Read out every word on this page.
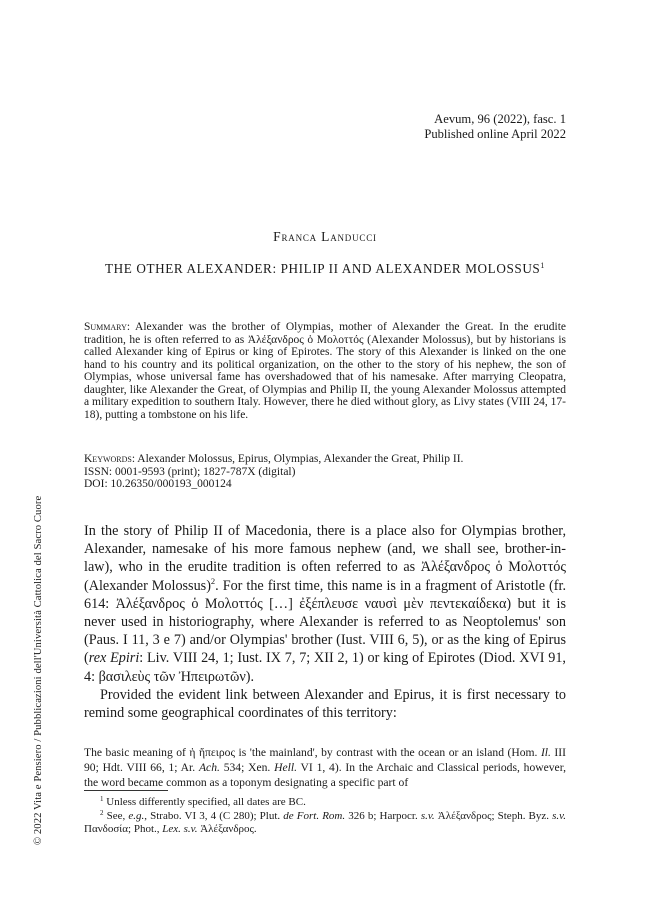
© 2022 Vita e Pensiero / Pubblicazioni dell'Università Cattolica del Sacro Cuore
Aevum, 96 (2022), fasc. 1
Published online April 2022
Franca Landucci
THE OTHER ALEXANDER: PHILIP II AND ALEXANDER MOLOSSUS$^1$

Summary: Alexander was the brother of Olympias, mother of Alexander the Great. In the erudite tradition, he is often referred to as Ἀλέξανδρος ὁ Μολοττός (Alexander Molossus), but by historians is called Alexander king of Epirus or king of Epirotes. The story of this Alexander is linked on the one hand to his country and its political organization, on the other to the story of his nephew, the son of Olympias, whose universal fame has overshadowed that of his namesake. After marrying Cleopatra, daughter, like Alexander the Great, of Olympias and Philip II, the young Alexander Molossus attempted a military expedition to southern Italy. However, there he died without glory, as Livy states (VIII 24, 17-18), putting a tombstone on his life.

Keywords: Alexander Molossus, Epirus, Olympias, Alexander the Great, Philip II.
ISSN: 0001-9593 (print); 1827-787X (digital)
DOI: 10.26350/000193_000124

In the story of Philip II of Macedonia, there is a place also for Olympias brother, Alexander, namesake of his more famous nephew (and, we shall see, brother-in-law), who in the erudite tradition is often referred to as Ἀλέξανδρος ὁ Μολοττός (Alexander Molossus)$^2$. For the first time, this name is in a fragment of Aristotle (fr. 614: Ἀλέξανδρος ὁ Μολοττός […] ἐξέπλευσε ναυσὶ μὲν πεντεκαίδεκα) but it is never used in historiography, where Alexander is referred to as Neoptolemus' son (Paus. I 11, 3 e 7) and/or Olympias' brother (Iust. VIII 6, 5), or as the king of Epirus (rex Epiri: Liv. VIII 24, 1; Iust. IX 7, 7; XII 2, 1) or king of Epirotes (Diod. XVI 91, 4: βασιλεὺς τῶν Ἠπειρωτῶν).

Provided the evident link between Alexander and Epirus, it is first necessary to remind some geographical coordinates of this territory:

The basic meaning of ἡ ἤπειρος is 'the mainland', by contrast with the ocean or an island (Hom. Il. III 90; Hdt. VIII 66, 1; Ar. Ach. 534; Xen. Hell. VI 1, 4). In the Archaic and Classical periods, however, the word became common as a toponym designating a specific part of

$^1$ Unless differently specified, all dates are BC.
$^2$ See, e.g., Strabo. VI 3, 4 (C 280); Plut. de Fort. Rom. 326 b; Harpocr. s.v. Ἀλέξανδρος; Steph. Byz. s.v. Πανδοσία; Phot., Lex. s.v. Ἀλέξανδρος.
